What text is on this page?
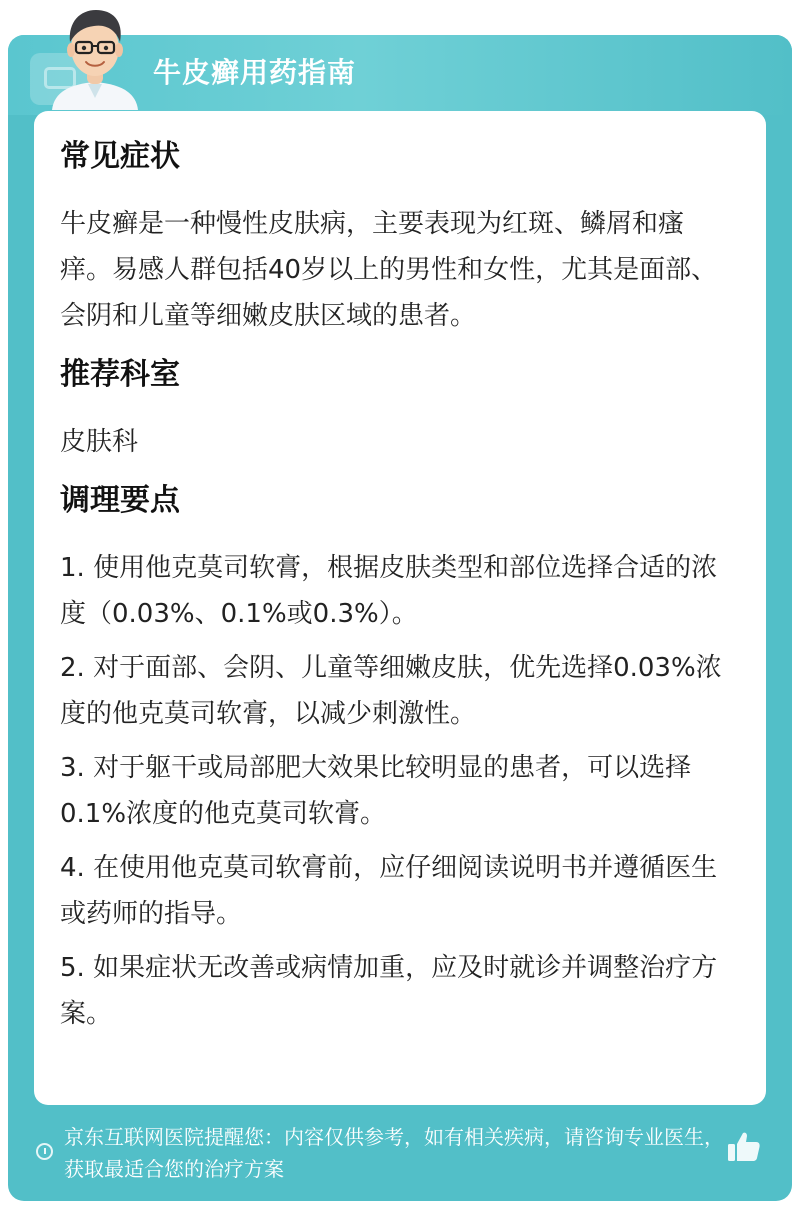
牛皮癣用药指南
常见症状

牛皮癣是一种慢性皮肤病，主要表现为红斑、鳞屑和瘙痒。易感人群包括40岁以上的男性和女性，尤其是面部、会阴和儿童等细嫩皮肤区域的患者。

推荐科室

皮肤科

调理要点
1. 使用他克莫司软膏，根据皮肤类型和部位选择合适的浓度（0.03%、0.1%或0.3%）。
2. 对于面部、会阴、儿童等细嫩皮肤，优先选择0.03%浓度的他克莫司软膏，以减少刺激性。
3. 对于躯干或局部肥大效果比较明显的患者，可以选择0.1%浓度的他克莫司软膏。
4. 在使用他克莫司软膏前，应仔细阅读说明书并遵循医生或药师的指导。
5. 如果症状无改善或病情加重，应及时就诊并调整治疗方案。
京东互联网医院提醒您：内容仅供参考，如有相关疾病，请咨询专业医生，获取最适合您的治疗方案
